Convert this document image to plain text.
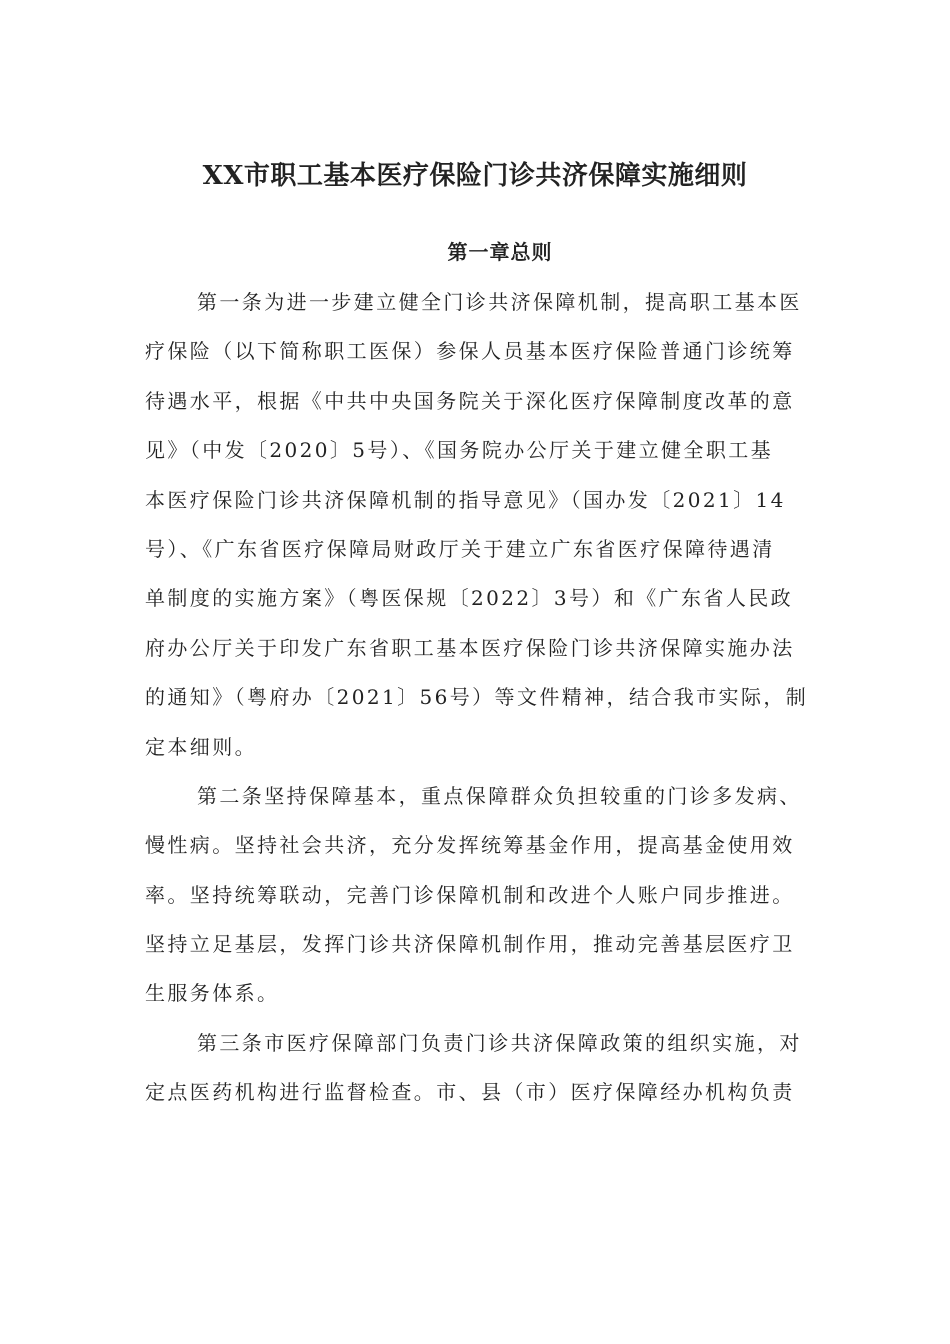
XX市职工基本医疗保险门诊共济保障实施细则
第一章总则

第一条为进一步建立健全门诊共济保障机制，提高职工基本医
疗保险（以下简称职工医保）参保人员基本医疗保险普通门诊统筹
待遇水平，根据《中共中央国务院关于深化医疗保障制度改革的意
见》（中发〔2020〕5号）、《国务院办公厅关于建立健全职工基
本医疗保险门诊共济保障机制的指导意见》（国办发〔2021〕14
号）、《广东省医疗保障局财政厅关于建立广东省医疗保障待遇清
单制度的实施方案》（粤医保规〔2022〕3号）和《广东省人民政
府办公厅关于印发广东省职工基本医疗保险门诊共济保障实施办法
的通知》（粤府办〔2021〕56号）等文件精神，结合我市实际，制
定本细则。

第二条坚持保障基本，重点保障群众负担较重的门诊多发病、
慢性病。坚持社会共济，充分发挥统筹基金作用，提高基金使用效
率。坚持统筹联动，完善门诊保障机制和改进个人账户同步推进。
坚持立足基层，发挥门诊共济保障机制作用，推动完善基层医疗卫
生服务体系。

第三条市医疗保障部门负责门诊共济保障政策的组织实施，对
定点医药机构进行监督检查。市、县（市）医疗保障经办机构负责
